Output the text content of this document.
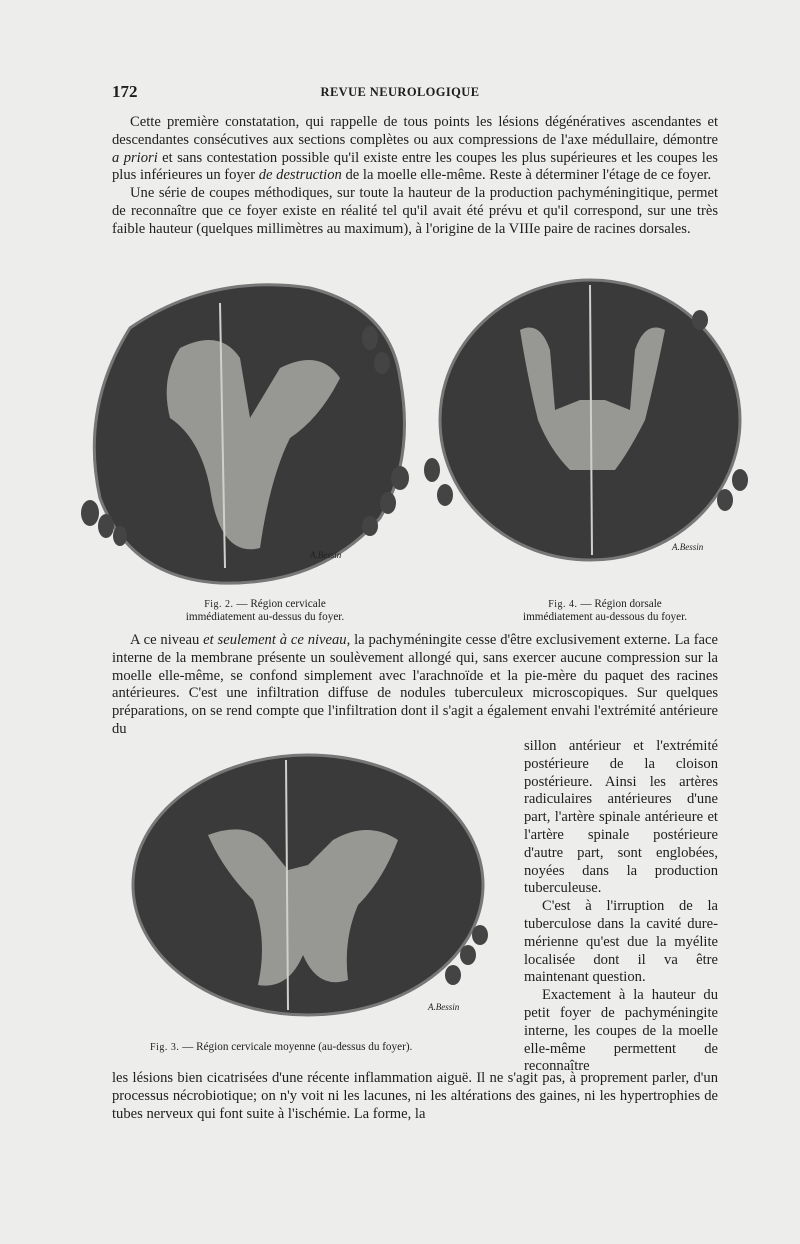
172	REVUE NEUROLOGIQUE

Cette première constatation, qui rappelle de tous points les lésions dégénératives ascendantes et descendantes consécutives aux sections complètes ou aux compressions de l'axe médullaire, démontre a priori et sans contestation possible qu'il existe entre les coupes les plus supérieures et les coupes les plus inférieures un foyer de destruction de la moelle elle-même. Reste à déterminer l'étage de ce foyer.

Une série de coupes méthodiques, sur toute la hauteur de la production pachyméningitique, permet de reconnaître que ce foyer existe en réalité tel qu'il avait été prévu et qu'il correspond, sur une très faible hauteur (quelques millimètres au maximum), à l'origine de la VIIIe paire de racines dorsales.

A.Bessin
A.Bessin

Fig. 2. — Région cervicale
immédiatement au-dessus du foyer.

Fig. 4. — Région dorsale
immédiatement au-dessous du foyer.

A ce niveau et seulement à ce niveau, la pachyméningite cesse d'être exclusivement externe. La face interne de la membrane présente un soulèvement allongé qui, sans exercer aucune compression sur la moelle elle-même, se confond simplement avec l'arachnoïde et la pie-mère du paquet des racines antérieures. C'est une infiltration diffuse de nodules tuberculeux microscopiques. Sur quelques préparations, on se rend compte que l'infiltration dont il s'agit a également envahi l'extrémité antérieure du

A.Bessin

sillon antérieur et l'extrémité postérieure de la cloison postérieure. Ainsi les artères radiculaires antérieures d'une part, l'artère spinale antérieure et l'artère spinale postérieure d'autre part, sont englobées, noyées dans la production tuberculeuse.

C'est à l'irruption de la tuberculose dans la cavité dure-mérienne qu'est due la myélite localisée dont il va être maintenant question.

Exactement à la hauteur du petit foyer de pachyméningite interne, les coupes de la moelle elle-même permettent de reconnaître

Fig. 3. — Région cervicale moyenne (au-dessus du foyer).

les lésions bien cicatrisées d'une récente inflammation aiguë. Il ne s'agit pas, à proprement parler, d'un processus nécrobiotique; on n'y voit ni les lacunes, ni les altérations des gaines, ni les hypertrophies de tubes nerveux qui font suite à l'ischémie. La forme, la
